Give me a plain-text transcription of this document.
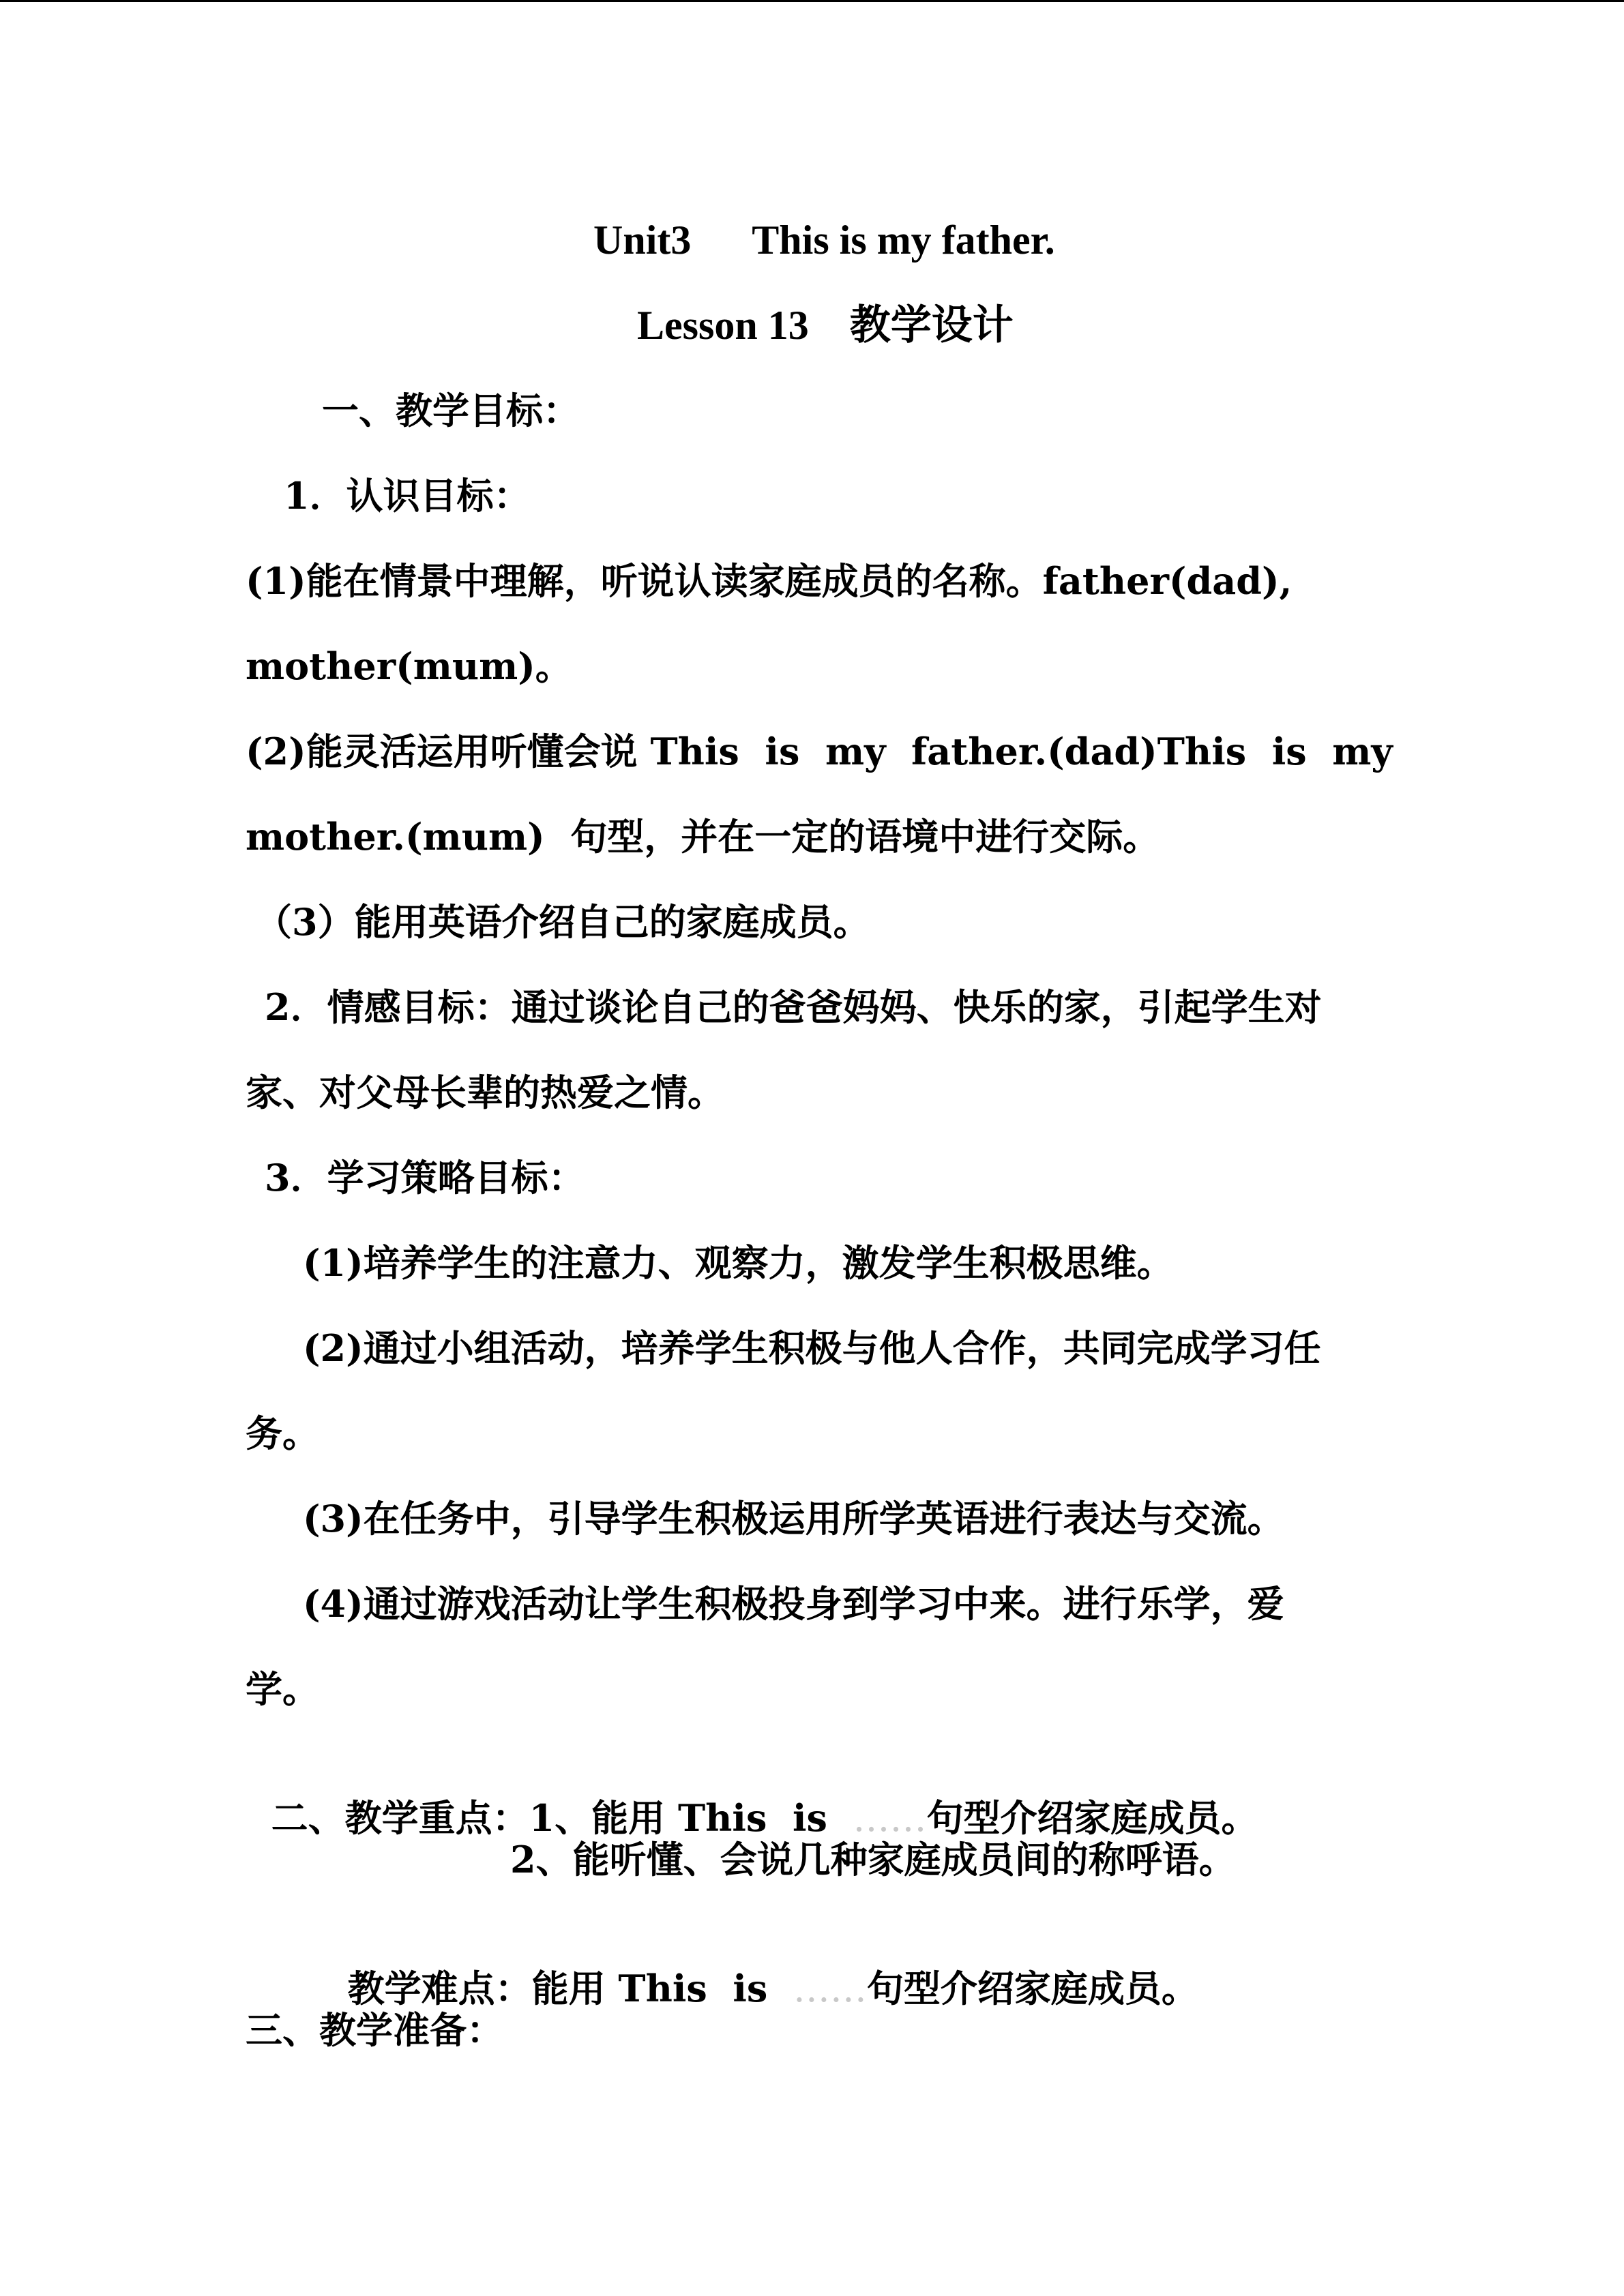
Unit3      This is my father.
Lesson 13    教学设计
一、教学目标：
1．认识目标：
(1)能在情景中理解，听说认读家庭成员的名称。father(dad),
mother(mum)。
(2)能灵活运用听懂会说 This  is  my  father.(dad) This  is  my
mother.(mum)  句型，并在一定的语境中进行交际。
（3）能用英语介绍自己的家庭成员。
2．情感目标：通过谈论自己的爸爸妈妈、快乐的家，引起学生对
家、对父母长辈的热爱之情。
3．学习策略目标：
(1)培养学生的注意力、观察力，激发学生积极思维。
(2)通过小组活动，培养学生积极与他人合作，共同完成学习任
务。
(3)在任务中，引导学生积极运用所学英语进行表达与交流。
(4)通过游戏活动让学生积极投身到学习中来。进行乐学，爱
学。

二、教学重点：1、能用 This  is  ……句型介绍家庭成员。

2、能听懂、会说几种家庭成员间的称呼语。

教学难点：能用 This  is  ……句型介绍家庭成员。

三、教学准备：
